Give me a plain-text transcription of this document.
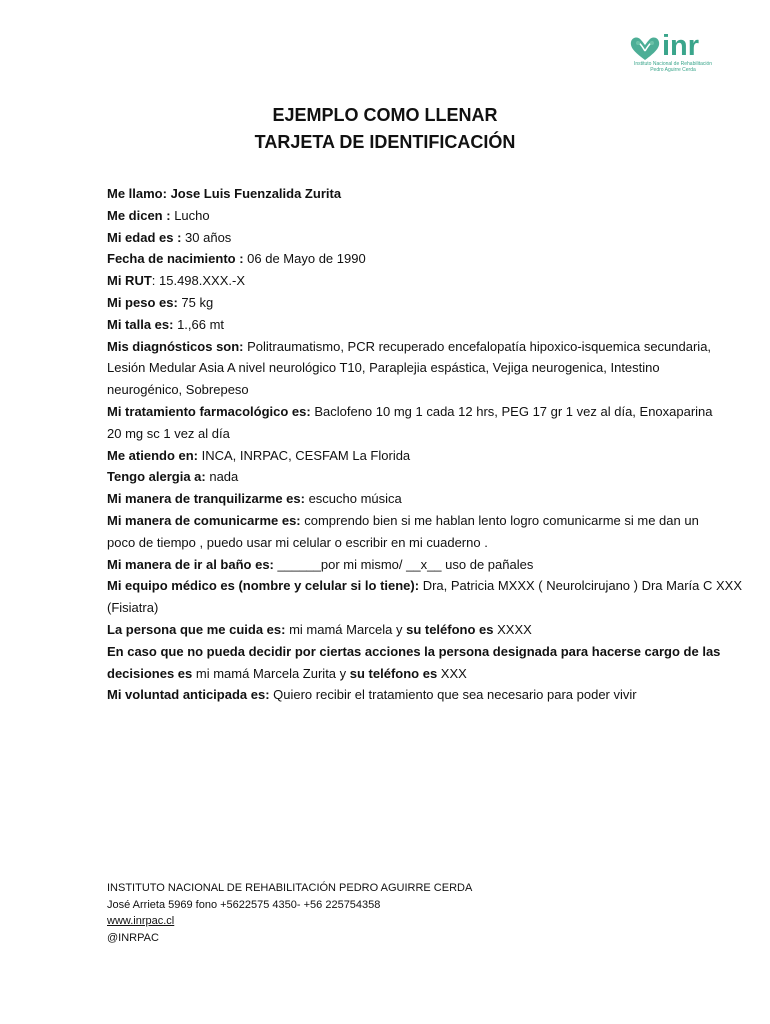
inr
Instituto Nacional de Rehabilitación
Pedro Aguirre Cerda
EJEMPLO COMO LLENAR
TARJETA DE IDENTIFICACIÓN
Me llamo: Jose Luis Fuenzalida Zurita
Me dicen : Lucho
Mi edad es : 30 años
Fecha de nacimiento : 06 de Mayo de 1990
Mi RUT: 15.498.XXX.-X
Mi peso es: 75 kg
Mi talla es: 1.,66 mt
Mis diagnósticos son: Politraumatismo, PCR recuperado encefalopatía hipoxico-isquemica secundaria,
Lesión Medular Asia A nivel neurológico T10, Paraplejia espástica, Vejiga neurogenica, Intestino
neurogénico, Sobrepeso
Mi tratamiento farmacológico es: Baclofeno 10 mg 1 cada 12 hrs, PEG 17 gr 1 vez al día, Enoxaparina
20 mg sc 1 vez al día
Me atiendo en: INCA, INRPAC, CESFAM La Florida
Tengo alergia a: nada
Mi manera de tranquilizarme es: escucho música
Mi manera de comunicarme es: comprendo bien si me hablan lento logro comunicarme si me dan un
poco de tiempo , puedo usar mi celular o escribir en mi cuaderno .
Mi manera de ir al baño es: ______por mi mismo/ __x__ uso de pañales
Mi equipo médico es (nombre y celular si lo tiene): Dra, Patricia MXXX ( Neurolcirujano ) Dra María C XXX
(Fisiatra)
La persona que me cuida es: mi mamá Marcela y su teléfono es XXXX
En caso que no pueda decidir por ciertas acciones la persona designada para hacerse cargo de las
decisiones es mi mamá Marcela Zurita y su teléfono es XXX
Mi voluntad anticipada es: Quiero recibir el tratamiento que sea necesario para poder vivir
INSTITUTO NACIONAL DE REHABILITACIÓN PEDRO AGUIRRE CERDA
José Arrieta 5969 fono +5622575 4350- +56 225754358
www.inrpac.cl
@INRPAC
